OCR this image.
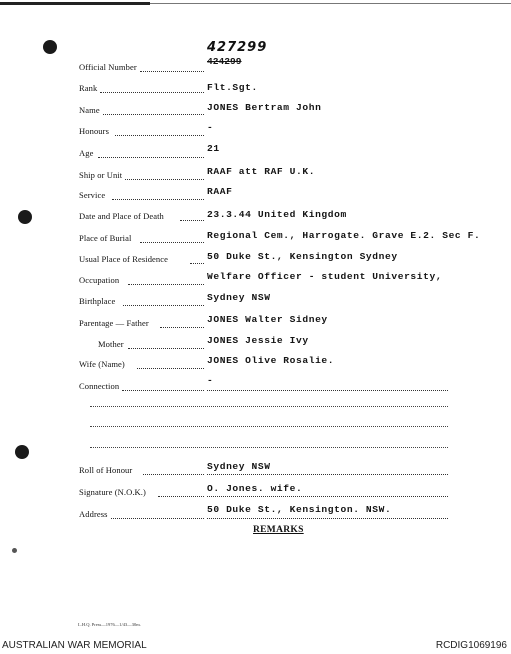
427299
Official Number	424299
Rank	Flt.Sgt.
Name	JONES Bertram John
Honours	-
Age	21
Ship or Unit	RAAF att RAF U.K.
Service	RAAF
Date and Place of Death	23.3.44 United Kingdom
Place of Burial	Regional Cem., Harrogate. Grave E.2. Sec F.
Usual Place of Residence	50 Duke St., Kensington Sydney
Occupation	Welfare Officer - student University,
Birthplace	Sydney NSW
Parentage — Father	JONES Walter Sidney
Mother	JONES Jessie Ivy
Wife (Name)	JONES Olive Rosalie.
Connection	-
Roll of Honour	Sydney NSW
Signature (N.O.K.)	O. Jones. wife.
Address	50 Duke St., Kensington. NSW.
REMARKS
L.H.Q. Press—1976—1/43—30m.
AUSTRALIAN WAR MEMORIAL	RCDIG1069196
